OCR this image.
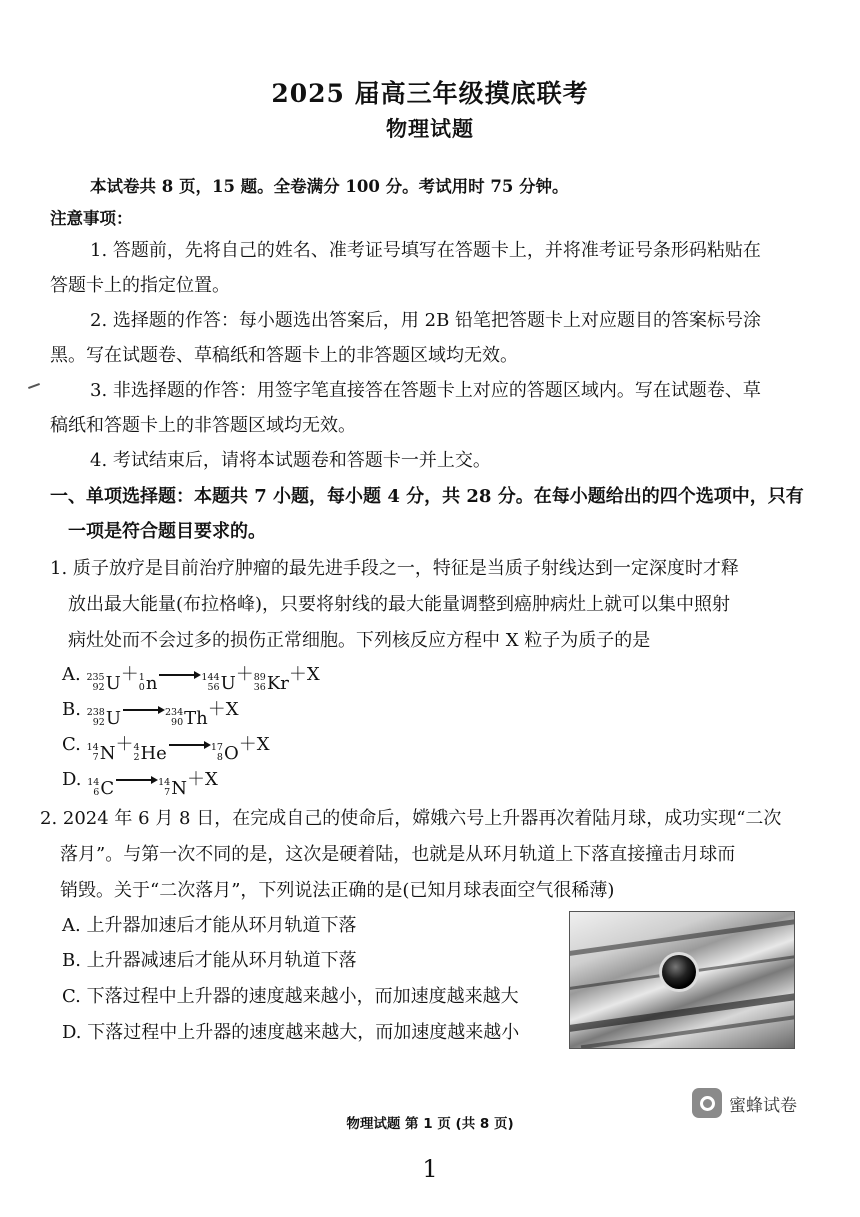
2025 届高三年级摸底联考
物理试题
本试卷共 8 页，15 题。全卷满分 100 分。考试用时 75 分钟。
注意事项：
1. 答题前，先将自己的姓名、准考证号填写在答题卡上，并将准考证号条形码粘贴在
答题卡上的指定位置。
2. 选择题的作答：每小题选出答案后，用 2B 铅笔把答题卡上对应题目的答案标号涂
黑。写在试题卷、草稿纸和答题卡上的非答题区域均无效。
3. 非选择题的作答：用签字笔直接答在答题卡上对应的答题区域内。写在试题卷、草
稿纸和答题卡上的非答题区域均无效。
4. 考试结束后，请将本试题卷和答题卡一并上交。
一、单项选择题：本题共 7 小题，每小题 4 分，共 28 分。在每小题给出的四个选项中，只有
一项是符合题目要求的。
1. 质子放疗是目前治疗肿瘤的最先进手段之一，特征是当质子射线达到一定深度时才释
放出最大能量(布拉格峰)，只要将射线的最大能量调整到癌肿病灶上就可以集中照射
病灶处而不会过多的损伤正常细胞。下列核反应方程中 X 粒子为质子的是
A. 235
92 U ＋ 1
0 n → 144
56 U ＋ 89
36 Kr ＋X
B. 238
92 U → 234
90 Th ＋X
C. 14
7 N ＋ 4
2 He → 17
8 O ＋X
D. 14
6 C → 14
7 N ＋X
2. 2024 年 6 月 8 日，在完成自己的使命后，嫦娥六号上升器再次着陆月球，成功实现“二次
落月”。与第一次不同的是，这次是硬着陆，也就是从环月轨道上下落直接撞击月球而
销毁。关于“二次落月”，下列说法正确的是(已知月球表面空气很稀薄)
A. 上升器加速后才能从环月轨道下落
B. 上升器减速后才能从环月轨道下落
C. 下落过程中上升器的速度越来越小，而加速度越来越大
D. 下落过程中上升器的速度越来越大，而加速度越来越小
蜜蜂试卷
物理试题 第 1 页 (共 8 页)
1
